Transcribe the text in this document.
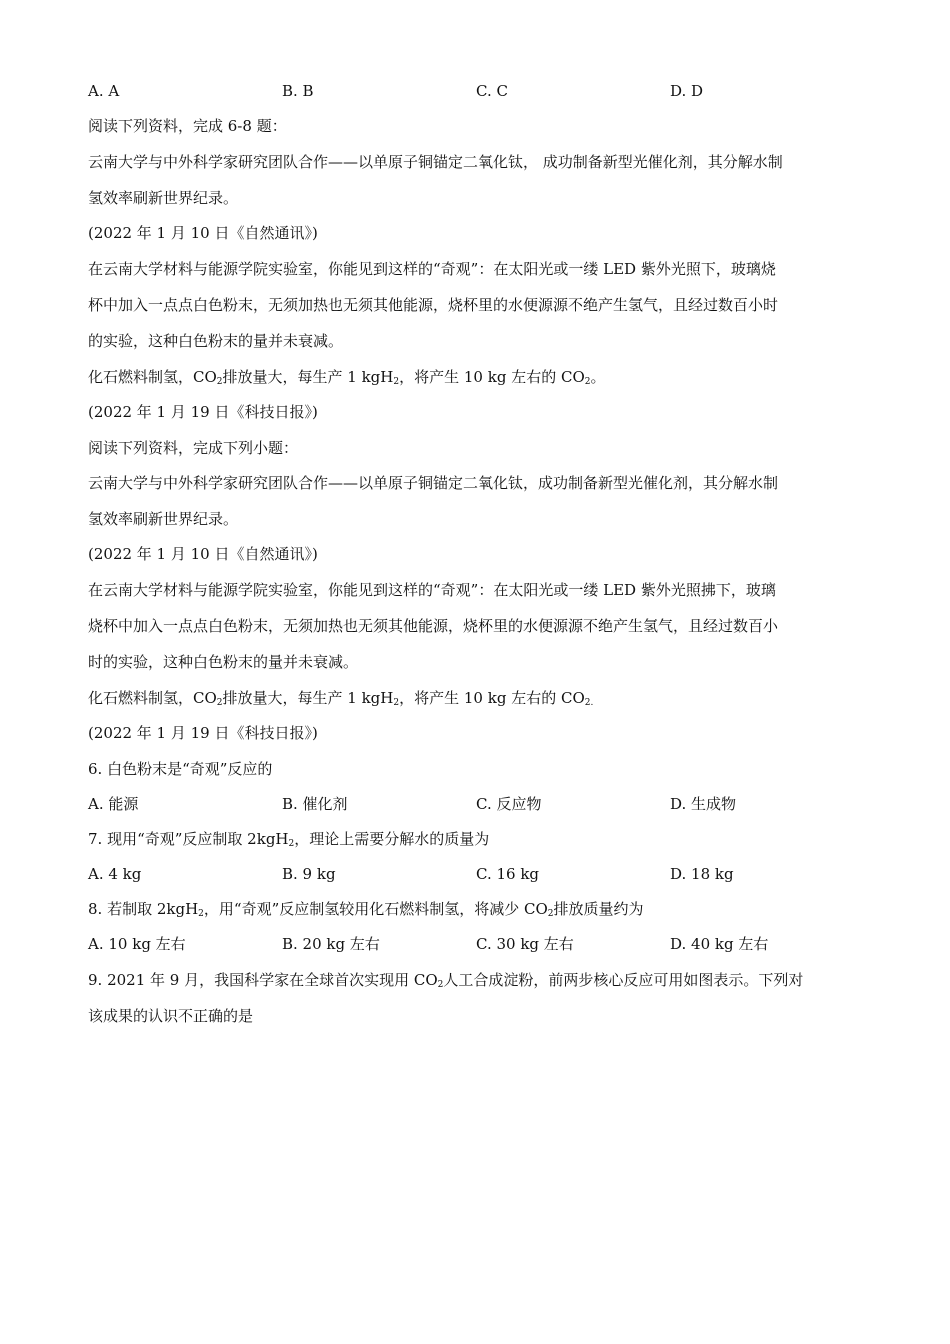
A. A	B. B	C. C	D. D
阅读下列资料，完成 6-8 题：
云南大学与中外科学家研究团队合作——以单原子铜锚定二氧化钛， 成功制备新型光催化剂，其分解水制
氢效率刷新世界纪录。
(2022 年 1 月 10 日《自然通讯》)
在云南大学材料与能源学院实验室，你能见到这样的“奇观”：在太阳光或一缕 LED 紫外光照下，玻璃烧
杯中加入一点点白色粉末，无须加热也无须其他能源，烧杯里的水便源源不绝产生氢气，且经过数百小时
的实验，这种白色粉末的量并未衰减。
化石燃料制氢，$CO_2$排放量大，每生产 1 kgH$_2$，将产生 10 kg 左右的 $CO_2$。
(2022 年 1 月 19 日《科技日报》)
阅读下列资料，完成下列小题：
云南大学与中外科学家研究团队合作——以单原子铜锚定二氧化钛，成功制备新型光催化剂，其分解水制
氢效率刷新世界纪录。
(2022 年 1 月 10 日《自然通讯》)
在云南大学材料与能源学院实验室，你能见到这样的“奇观”：在太阳光或一缕 LED 紫外光照拂下，玻璃
烧杯中加入一点点白色粉末，无须加热也无须其他能源，烧杯里的水便源源不绝产生氢气，且经过数百小
时的实验，这种白色粉末的量并未衰减。
化石燃料制氢，$CO_2$排放量大，每生产 1 kgH$_2$，将产生 10 kg 左右的 $CO_{2.}$
(2022 年 1 月 19 日《科技日报》)
6. 白色粉末是“奇观”反应的
A. 能源	B. 催化剂	C. 反应物	D. 生成物
7. 现用“奇观”反应制取 2kgH$_2$，理论上需要分解水的质量为
A. 4 kg	B. 9 kg	C. 16 kg	D. 18 kg
8. 若制取 2kgH$_2$，用“奇观”反应制氢较用化石燃料制氢，将减少 $CO_2$排放质量约为
A. 10 kg 左右	B. 20 kg 左右	C. 30 kg 左右	D. 40 kg 左右
9. 2021 年 9 月，我国科学家在全球首次实现用 $CO_2$人工合成淀粉，前两步核心反应可用如图表示。下列对
该成果的认识不正确的是
